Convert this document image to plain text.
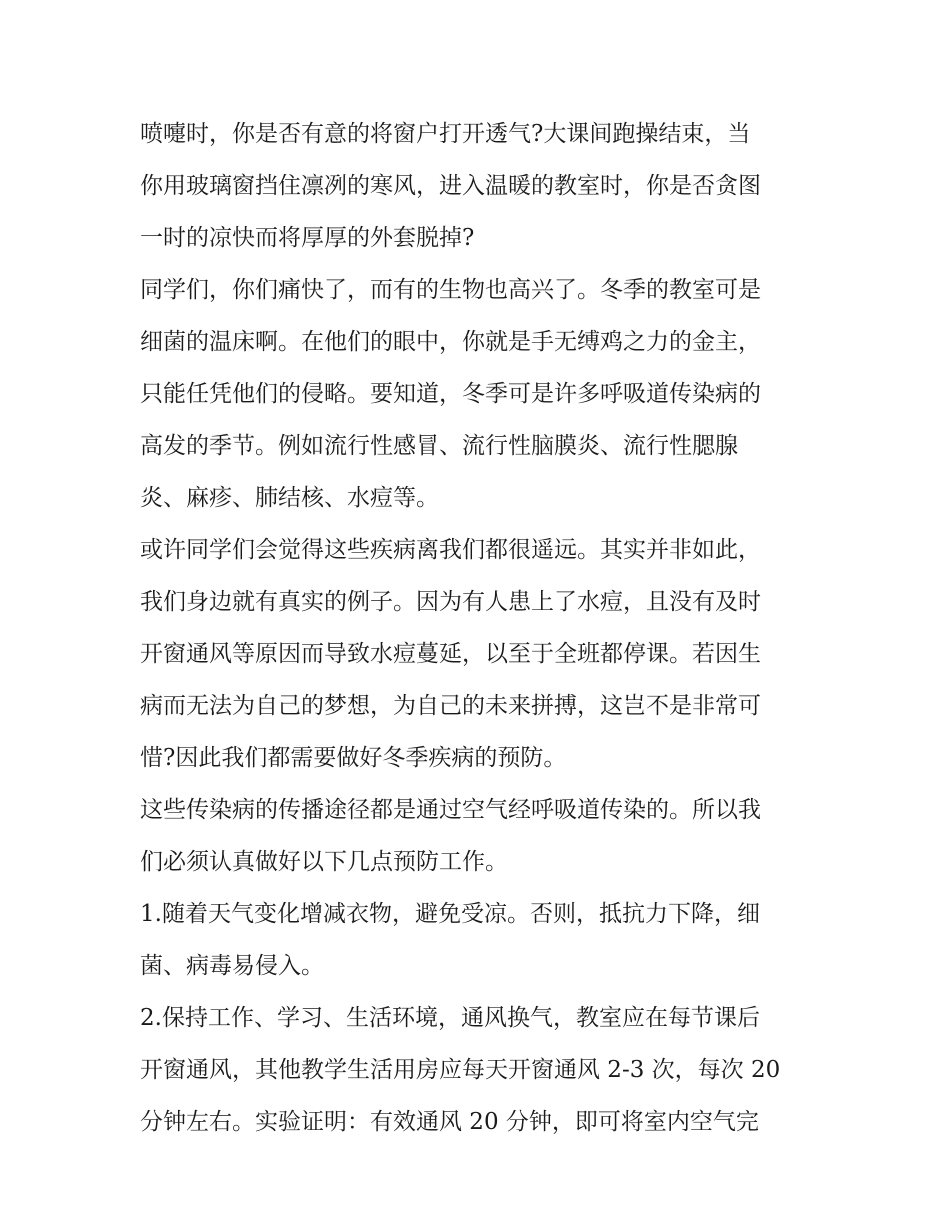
喷嚏时，你是否有意的将窗户打开透气?大课间跑操结束，当
你用玻璃窗挡住凛冽的寒风，进入温暖的教室时，你是否贪图
一时的凉快而将厚厚的外套脱掉?
同学们，你们痛快了，而有的生物也高兴了。冬季的教室可是
细菌的温床啊。在他们的眼中，你就是手无缚鸡之力的金主，
只能任凭他们的侵略。要知道，冬季可是许多呼吸道传染病的
高发的季节。例如流行性感冒、流行性脑膜炎、流行性腮腺
炎、麻疹、肺结核、水痘等。
或许同学们会觉得这些疾病离我们都很遥远。其实并非如此，
我们身边就有真实的例子。因为有人患上了水痘，且没有及时
开窗通风等原因而导致水痘蔓延，以至于全班都停课。若因生
病而无法为自己的梦想，为自己的未来拼搏，这岂不是非常可
惜?因此我们都需要做好冬季疾病的预防。
这些传染病的传播途径都是通过空气经呼吸道传染的。所以我
们必须认真做好以下几点预防工作。
1.随着天气变化增减衣物，避免受凉。否则，抵抗力下降，细
菌、病毒易侵入。
2.保持工作、学习、生活环境，通风换气，教室应在每节课后
开窗通风，其他教学生活用房应每天开窗通风 2-3 次，每次 20
分钟左右。实验证明：有效通风 20 分钟，即可将室内空气完
